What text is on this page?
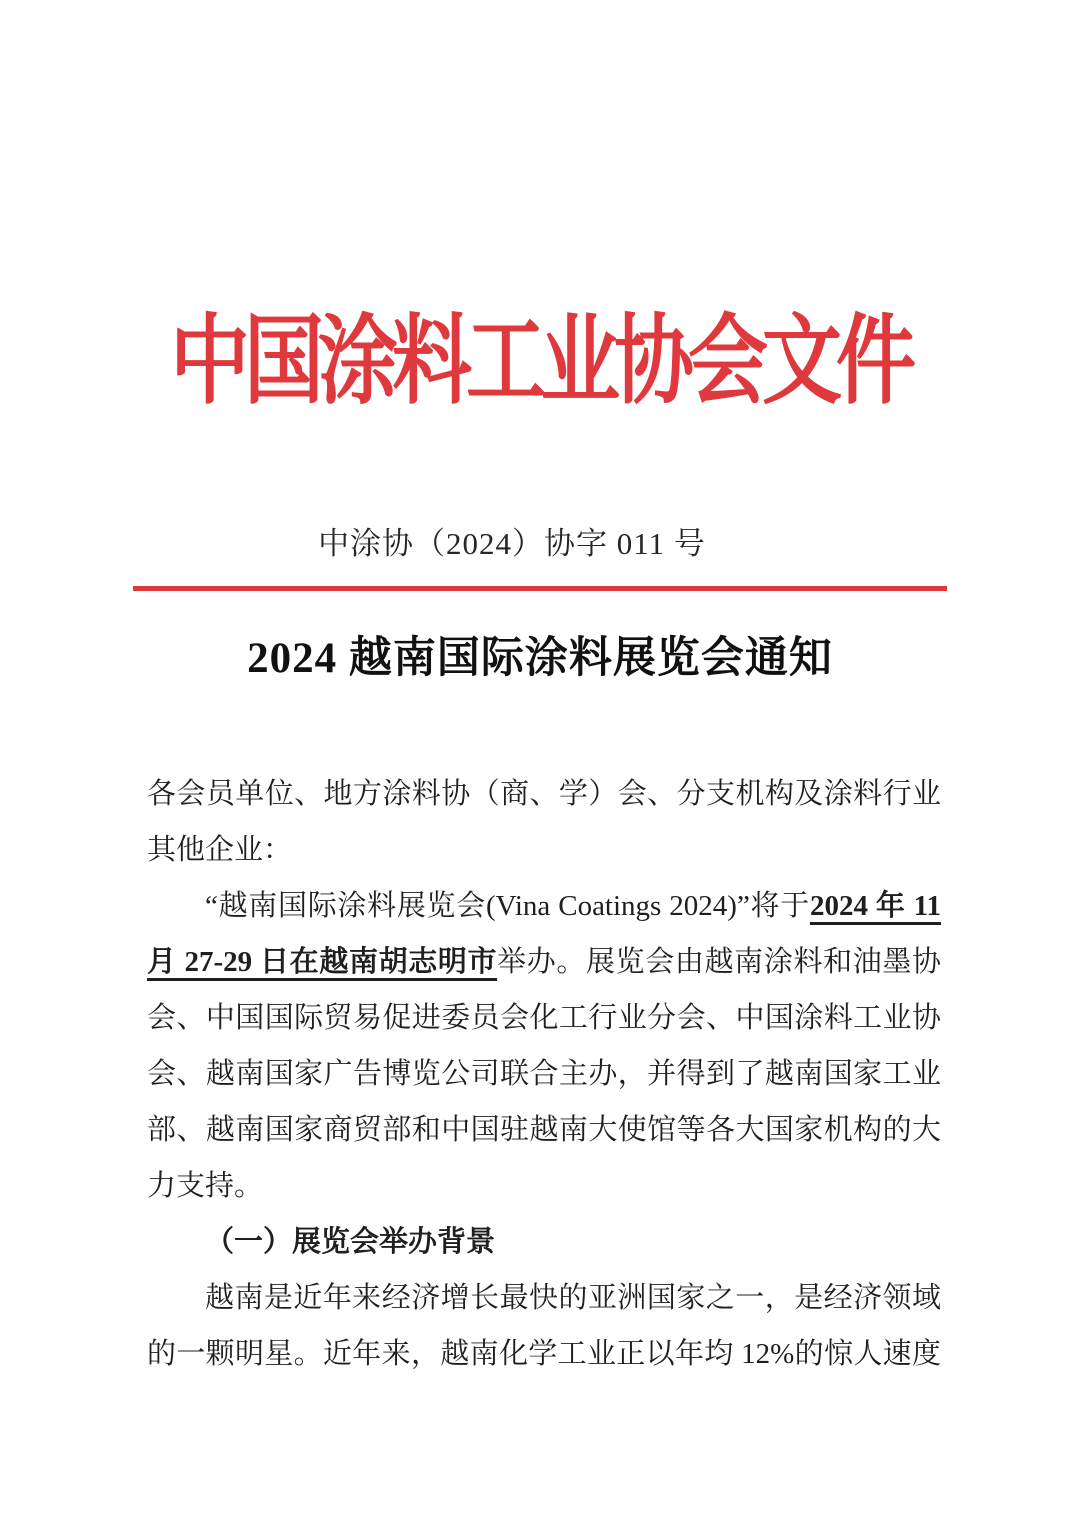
中国涂料工业协会文件
中涂协（2024）协字 011 号
2024 越南国际涂料展览会通知
各会员单位、地方涂料协（商、学）会、分支机构及涂料行业
其他企业：
“越南国际涂料展览会(Vina Coatings 2024)”将于2024 年 11
月 27-29 日在越南胡志明市举办。展览会由越南涂料和油墨协
会、中国国际贸易促进委员会化工行业分会、中国涂料工业协
会、越南国家广告博览公司联合主办，并得到了越南国家工业
部、越南国家商贸部和中国驻越南大使馆等各大国家机构的大
力支持。
（一）展览会举办背景
越南是近年来经济增长最快的亚洲国家之一，是经济领域
的一颗明星。近年来，越南化学工业正以年均 12%的惊人速度
